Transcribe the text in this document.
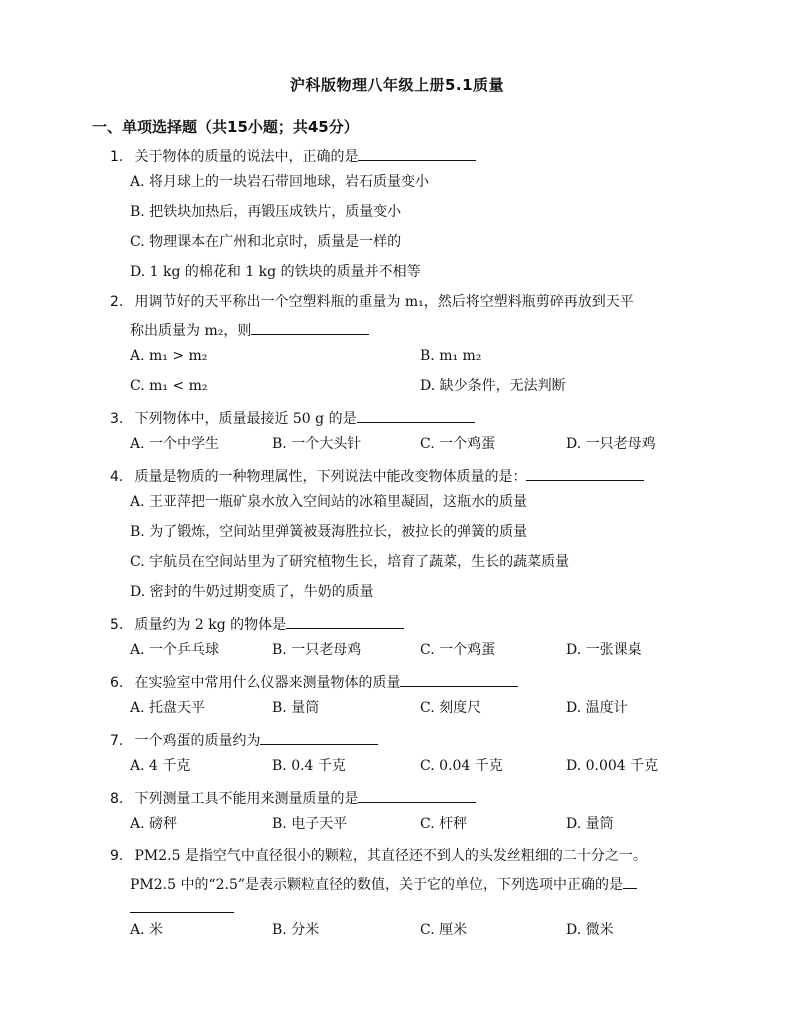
沪科版物理八年级上册5.1质量
一、单项选择题（共15小题；共45分）
1. 关于物体的质量的说法中，正确的是
A. 将月球上的一块岩石带回地球，岩石质量变小
B. 把铁块加热后，再锻压成铁片，质量变小
C. 物理课本在广州和北京时，质量是一样的
D. 1 kg 的棉花和 1 kg 的铁块的质量并不相等
2. 用调节好的天平称出一个空塑料瓶的重量为 m₁，然后将空塑料瓶剪碎再放到天平
称出质量为 m₂，则
A. m₁ > m₂	B. m₁ m₂
C. m₁ < m₂	D. 缺少条件，无法判断
3. 下列物体中，质量最接近 50 g 的是
A. 一个中学生	B. 一个大头针	C. 一个鸡蛋	D. 一只老母鸡
4. 质量是物质的一种物理属性，下列说法中能改变物体质量的是：
A. 王亚萍把一瓶矿泉水放入空间站的冰箱里凝固，这瓶水的质量
B. 为了锻炼，空间站里弹簧被聂海胜拉长，被拉长的弹簧的质量
C. 宇航员在空间站里为了研究植物生长，培育了蔬菜，生长的蔬菜质量
D. 密封的牛奶过期变质了，牛奶的质量
5. 质量约为 2 kg 的物体是
A. 一个乒乓球	B. 一只老母鸡	C. 一个鸡蛋	D. 一张课桌
6. 在实验室中常用什么仪器来测量物体的质量
A. 托盘天平	B. 量筒	C. 刻度尺	D. 温度计
7. 一个鸡蛋的质量约为
A. 4 千克	B. 0.4 千克	C. 0.04 千克	D. 0.004 千克
8. 下列测量工具不能用来测量质量的是
A. 磅秤	B. 电子天平	C. 杆秤	D. 量筒
9. PM2.5 是指空气中直径很小的颗粒，其直径还不到人的头发丝粗细的二十分之一。
PM2.5 中的“2.5”是表示颗粒直径的数值，关于它的单位，下列选项中正确的是
A. 米	B. 分米	C. 厘米	D. 微米
